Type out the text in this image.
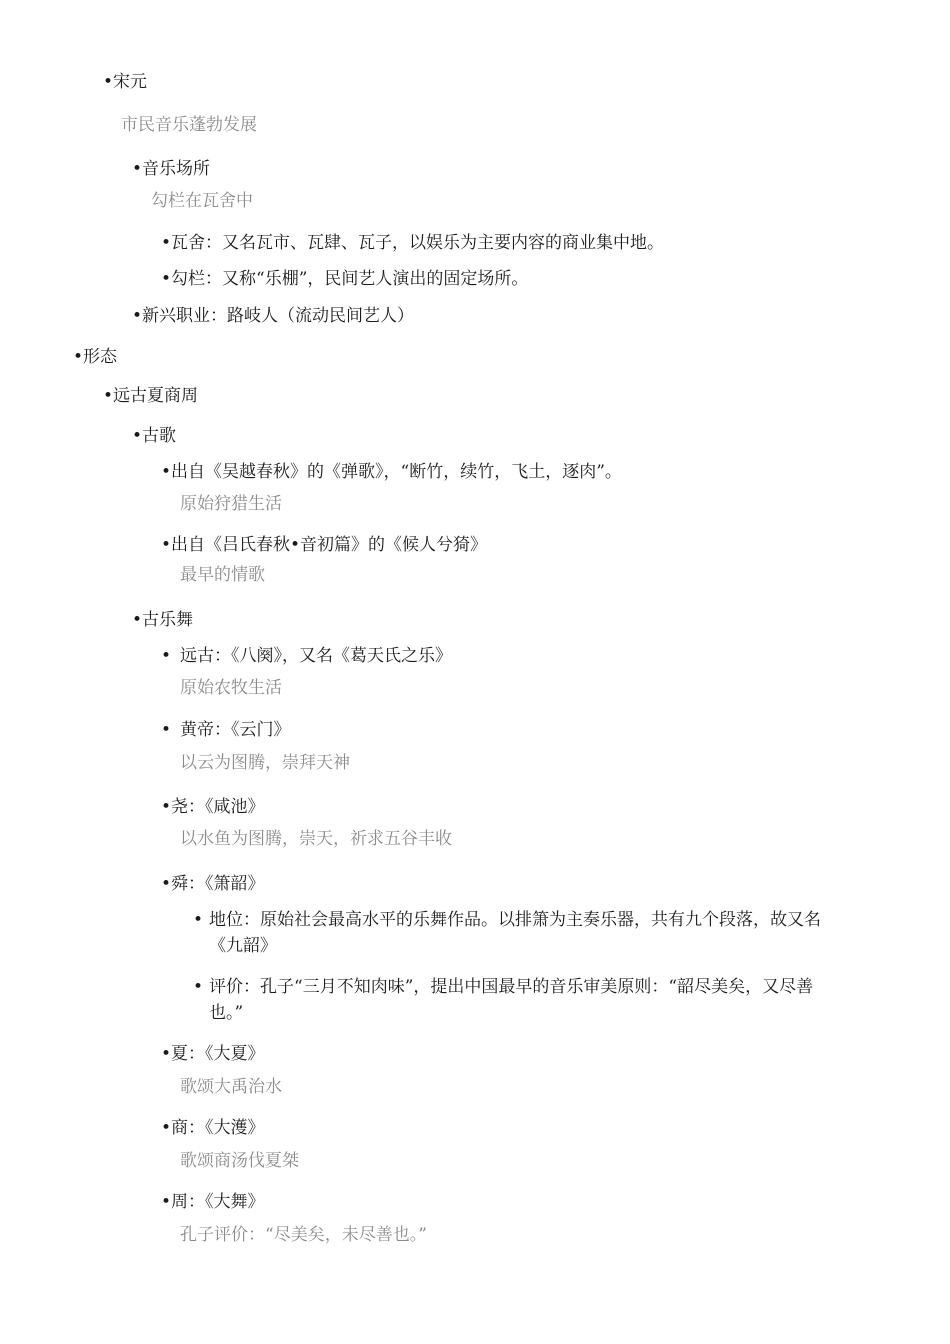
•宋元
市民音乐蓬勃发展
•音乐场所
勾栏在瓦舍中
•瓦舍：又名瓦市、瓦肆、瓦子，以娱乐为主要内容的商业集中地。
•勾栏：又称“乐棚”，民间艺人演出的固定场所。
•新兴职业：路岐人（流动民间艺人）
•形态
•远古夏商周
•古歌
•出自《吴越春秋》的《弹歌》，“断竹，续竹，飞土，逐肉”。
原始狩猎生活
•出自《吕氏春秋•音初篇》的《候人兮猗》
最早的情歌
•古乐舞
• 远古：《八阕》，又名《葛天氏之乐》
原始农牧生活
• 黄帝：《云门》
以云为图腾，崇拜天神
•尧：《咸池》
以水鱼为图腾，崇天，祈求五谷丰收
•舜：《箫韶》
• 地位：原始社会最高水平的乐舞作品。以排箫为主奏乐器，共有九个段落，故又名
《九韶》
• 评价：孔子“三月不知肉味”，提出中国最早的音乐审美原则：“韶尽美矣，又尽善
也。”
•夏：《大夏》
歌颂大禹治水
•商：《大濩》
歌颂商汤伐夏桀
•周：《大舞》
孔子评价：“尽美矣，未尽善也。”
